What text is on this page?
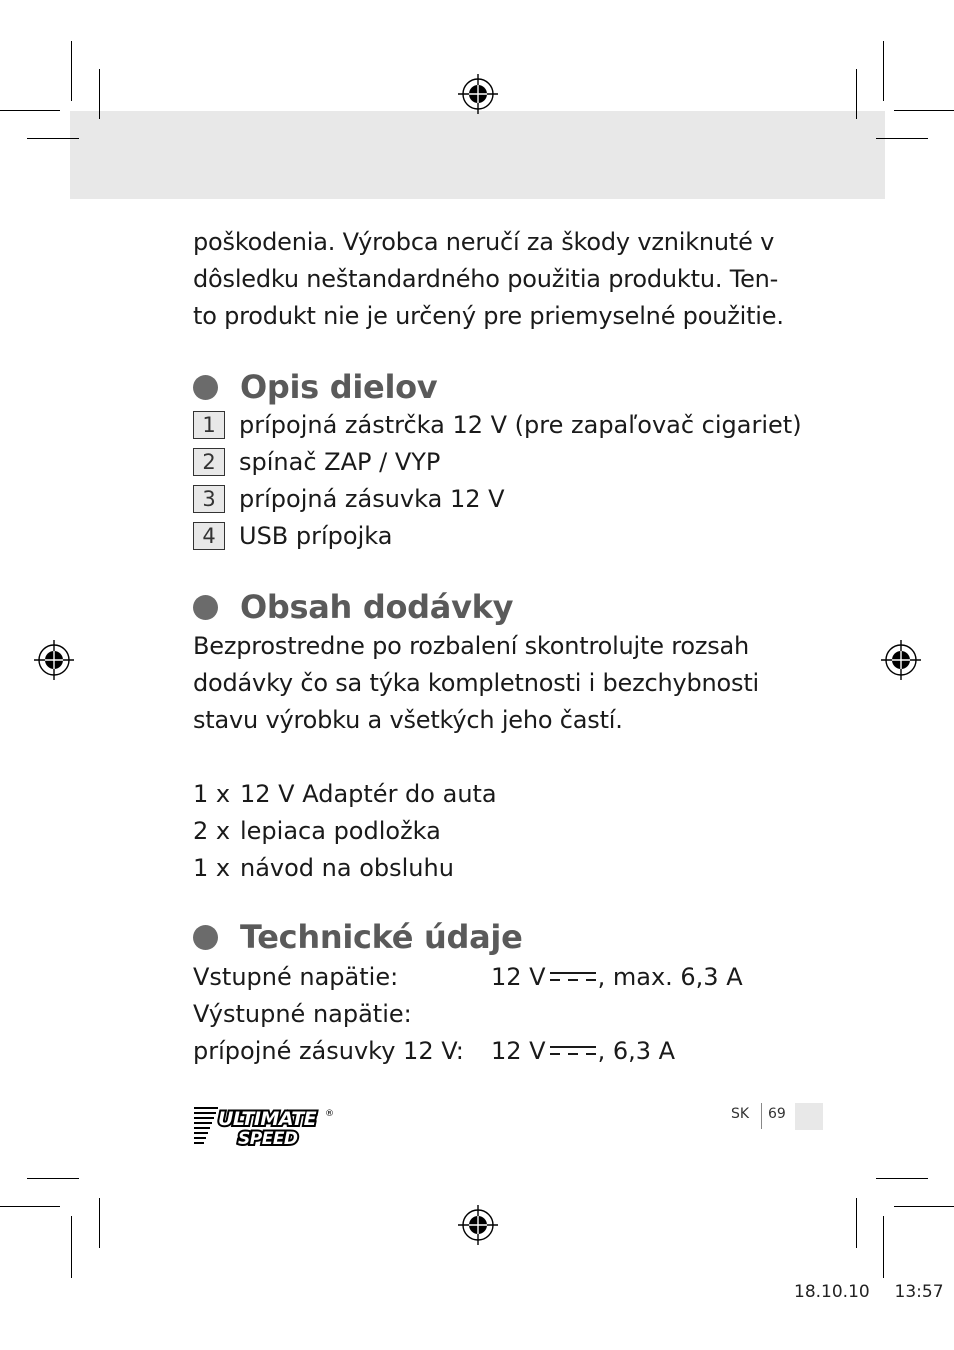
poškodenia. Výrobca neručí za škody vzniknuté v
dôsledku neštandardného použitia produktu. Ten-
to produkt nie je určený pre priemyselné použitie.
Opis dielov
1 prípojná zástrčka 12 V (pre zapaľovač cigariet)
2 spínač ZAP / VYP
3 prípojná zásuvka 12 V
4 USB prípojka
Obsah dodávky
Bezprostredne po rozbalení skontrolujte rozsah
dodávky čo sa týka kompletnosti i bezchybnosti
stavu výrobku a všetkých jeho častí.
1 x 12 V Adaptér do auta
2 x lepiaca podložka
1 x návod na obsluhu
Technické údaje
Vstupné napätie:	12 V , max. 6,3 A
Výstupné napätie:
prípojné zásuvky 12 V:	12 V , 6,3 A
ULTIMATE
SPEED
®	SK 69
18.10.10 13:57
